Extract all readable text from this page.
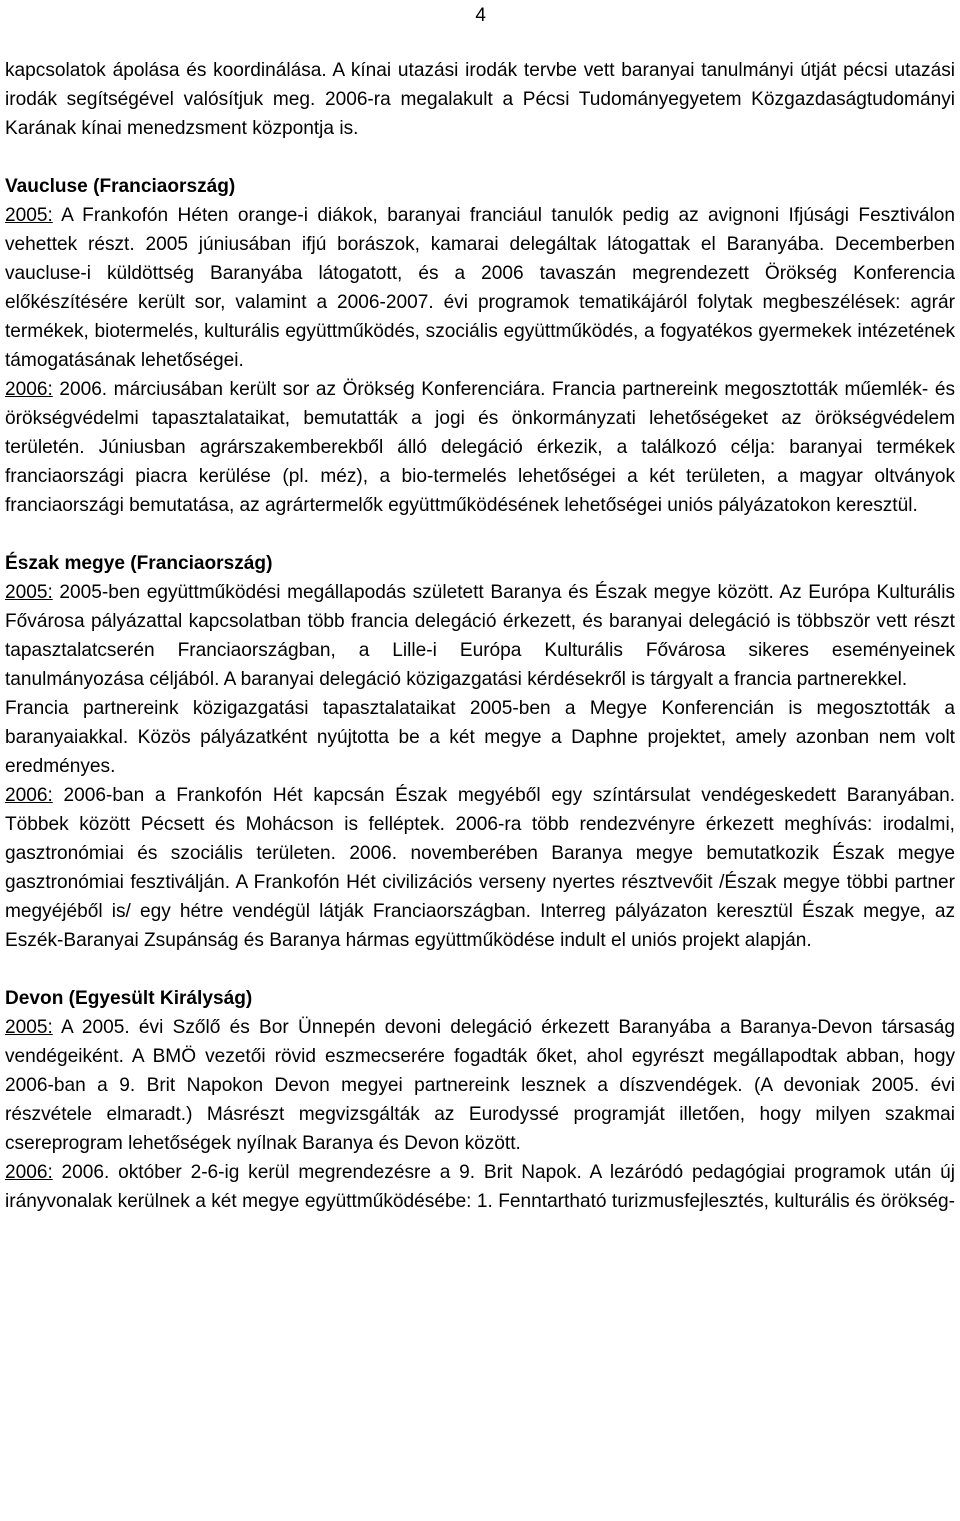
4

kapcsolatok ápolása és koordinálása. A kínai utazási irodák tervbe vett baranyai tanulmányi útját pécsi utazási irodák segítségével valósítjuk meg. 2006-ra megalakult a Pécsi Tudományegyetem Közgazdaságtudományi Karának kínai menedzsment központja is.

Vaucluse (Franciaország)

2005: A Frankofón Héten orange-i diákok, baranyai franciául tanulók pedig az avignoni Ifjúsági Fesztiválon vehettek részt. 2005 júniusában ifjú borászok, kamarai delegáltak látogattak el Baranyába. Decemberben vaucluse-i küldöttség Baranyába látogatott, és a 2006 tavaszán megrendezett Örökség Konferencia előkészítésére került sor, valamint a 2006-2007. évi programok tematikájáról folytak megbeszélések: agrár termékek, biotermelés, kulturális együttműködés, szociális együttműködés, a fogyatékos gyermekek intézetének támogatásának lehetőségei.

2006: 2006. márciusában került sor az Örökség Konferenciára. Francia partnereink megosztották műemlék- és örökségvédelmi tapasztalataikat, bemutatták a jogi és önkormányzati lehetőségeket az örökségvédelem területén. Júniusban agrárszakemberekből álló delegáció érkezik, a találkozó célja: baranyai termékek franciaországi piacra kerülése (pl. méz), a bio-termelés lehetőségei a két területen, a magyar oltványok franciaországi bemutatása, az agrártermelők együttműködésének lehetőségei uniós pályázatokon keresztül.

Észak megye (Franciaország)

2005: 2005-ben együttműködési megállapodás született Baranya és Észak megye között. Az Európa Kulturális Fővárosa pályázattal kapcsolatban több francia delegáció érkezett, és baranyai delegáció is többször vett részt tapasztalatcserén Franciaországban, a Lille-i Európa Kulturális Fővárosa sikeres eseményeinek tanulmányozása céljából. A baranyai delegáció közigazgatási kérdésekről is tárgyalt a francia partnerekkel.

Francia partnereink közigazgatási tapasztalataikat 2005-ben a Megye Konferencián is megosztották a baranyaiakkal. Közös pályázatként nyújtotta be a két megye a Daphne projektet, amely azonban nem volt eredményes.

2006: 2006-ban a Frankofón Hét kapcsán Észak megyéből egy színtársulat vendégeskedett Baranyában. Többek között Pécsett és Mohácson is felléptek. 2006-ra több rendezvényre érkezett meghívás: irodalmi, gasztronómiai és szociális területen. 2006. novemberében Baranya megye bemutatkozik Észak megye gasztronómiai fesztiválján. A Frankofón Hét civilizációs verseny nyertes résztvevőit /Észak megye többi partner megyéjéből is/ egy hétre vendégül látják Franciaországban. Interreg pályázaton keresztül Észak megye, az Eszék-Baranyai Zsupánság és Baranya hármas együttműködése indult el uniós projekt alapján.

Devon (Egyesült Királyság)

2005: A 2005. évi Szőlő és Bor Ünnepén devoni delegáció érkezett Baranyába a Baranya-Devon társaság vendégeiként. A BMÖ vezetői rövid eszmecserére fogadták őket, ahol egyrészt megállapodtak abban, hogy 2006-ban a 9. Brit Napokon Devon megyei partnereink lesznek a díszvendégek. (A devoniak 2005. évi részvétele elmaradt.) Másrészt megvizsgálták az Eurodyssé programját illetően, hogy milyen szakmai csereprogram lehetőségek nyílnak Baranya és Devon között.

2006: 2006. október 2-6-ig kerül megrendezésre a 9. Brit Napok. A lezáródó pedagógiai programok után új irányvonalak kerülnek a két megye együttműködésébe: 1. Fenntartható turizmusfejlesztés, kulturális és örökség-
